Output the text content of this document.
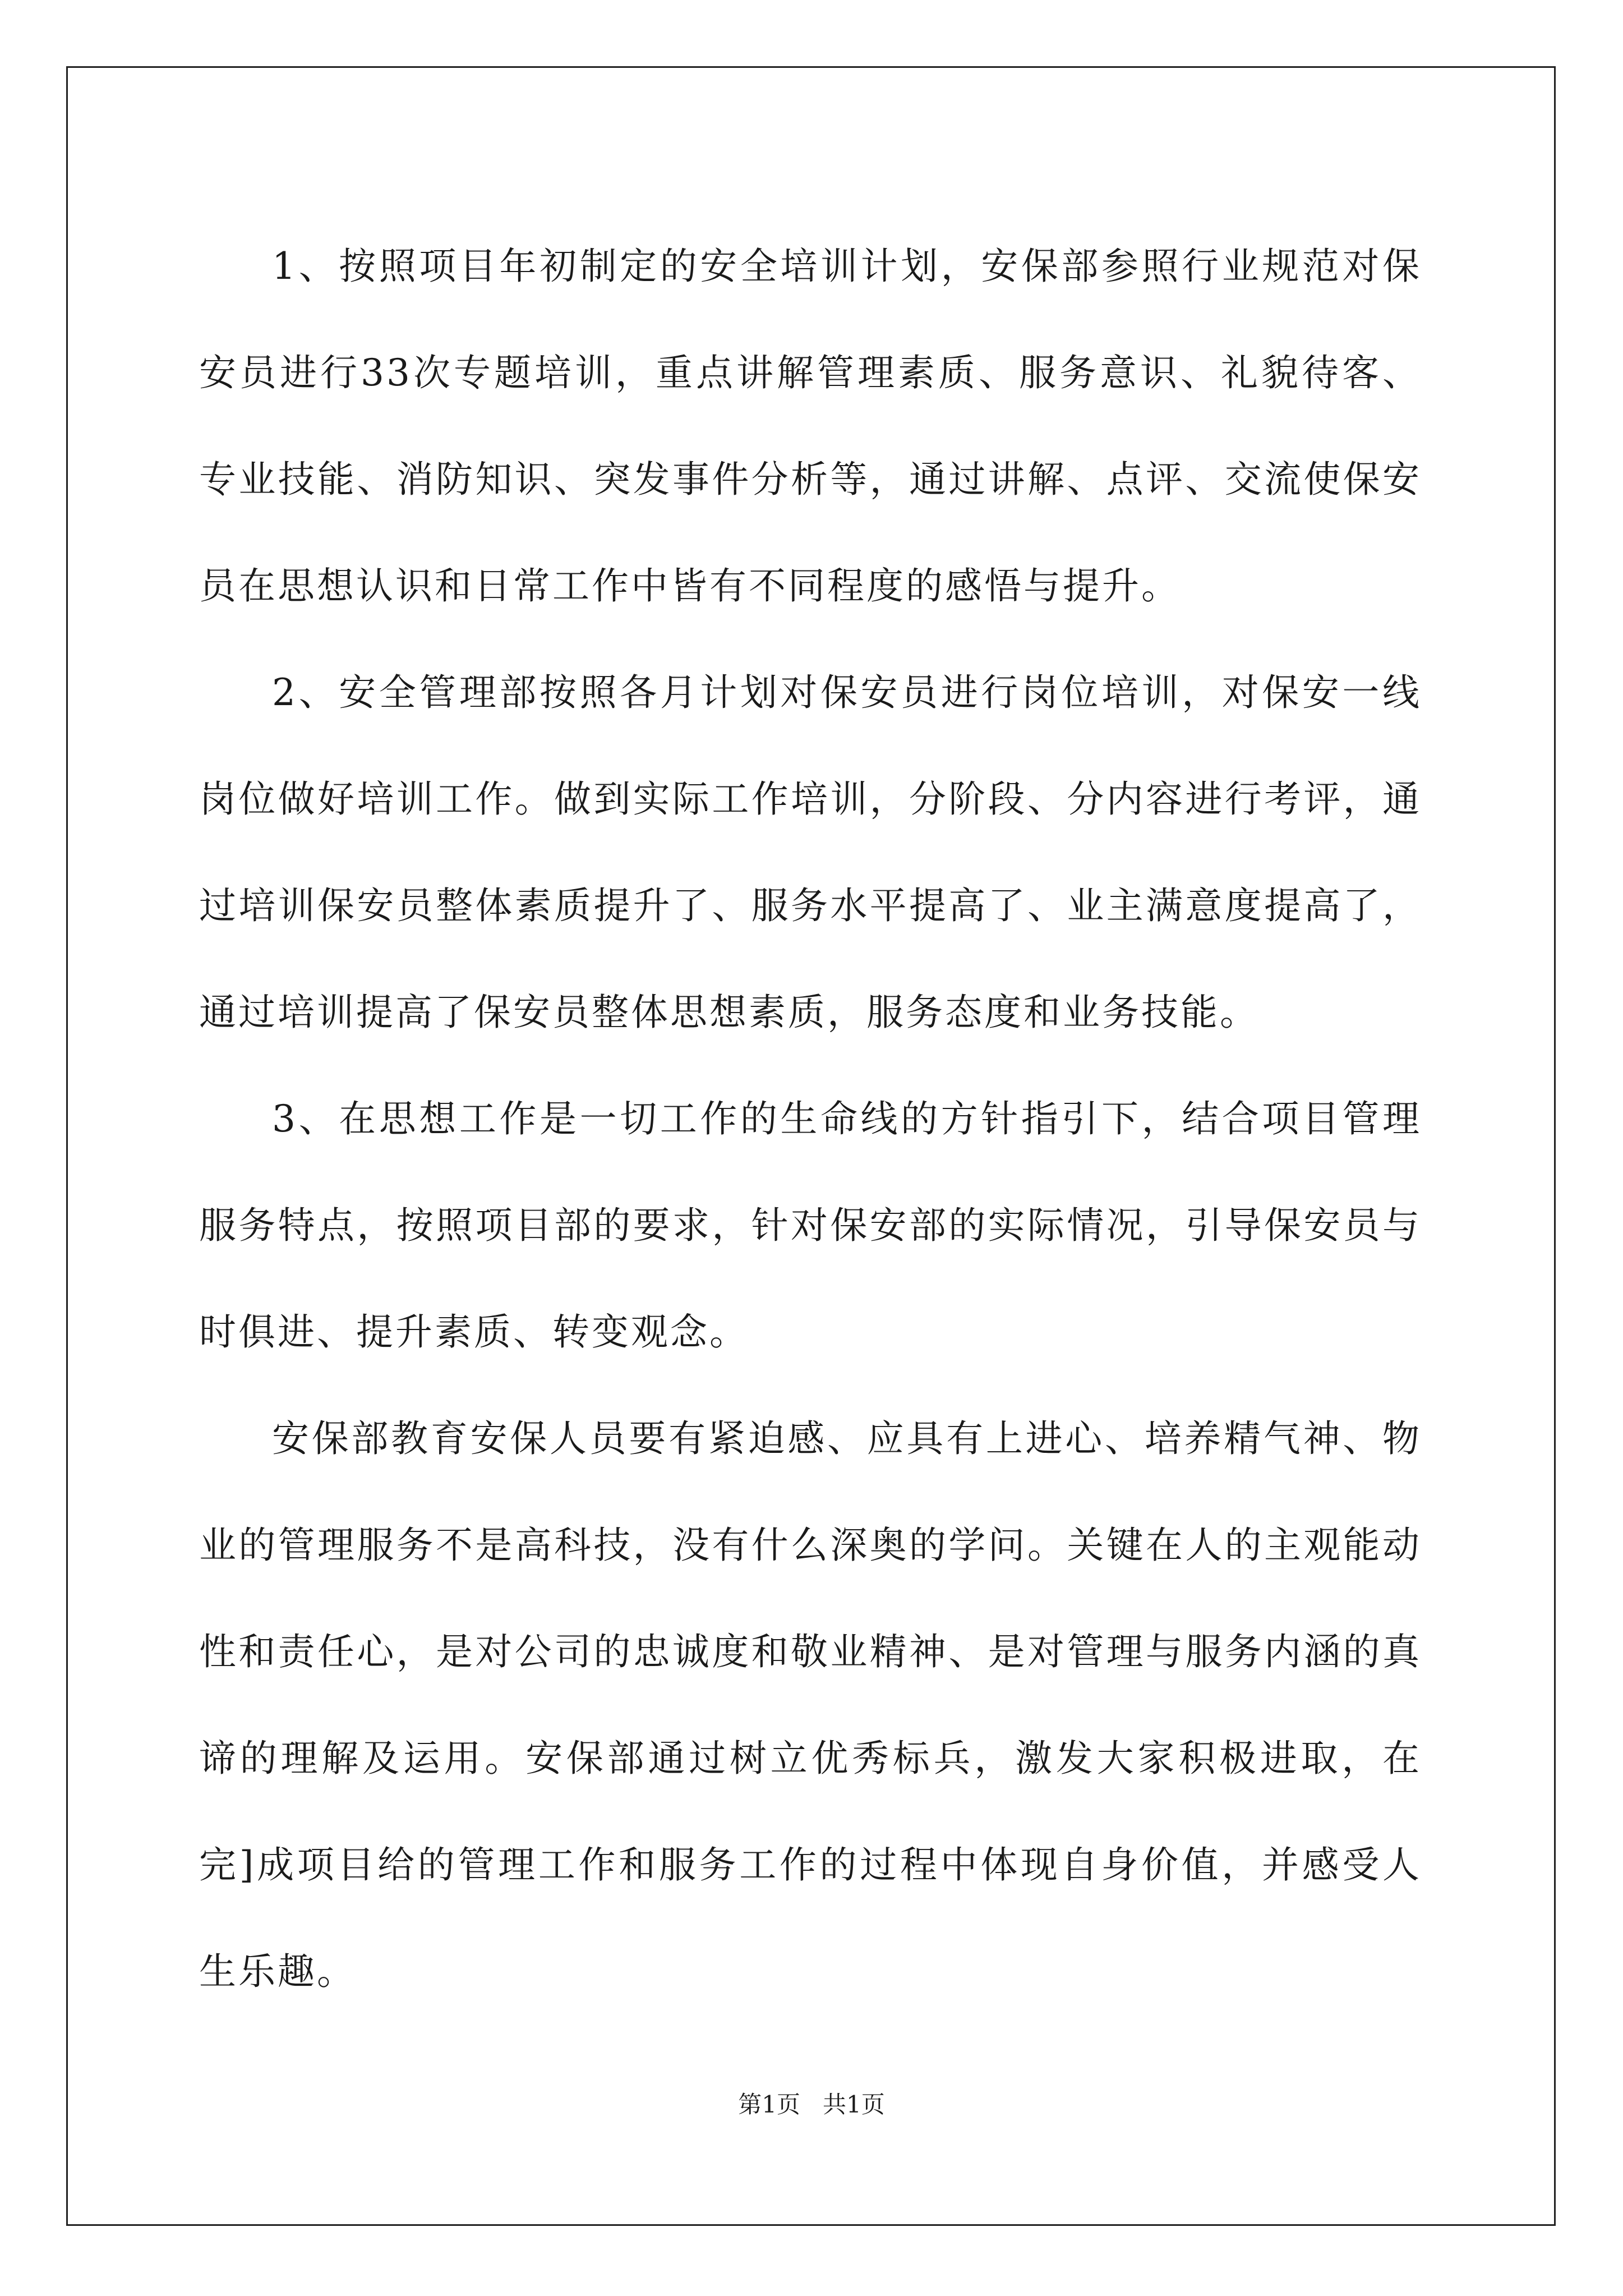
1、按照项目年初制定的安全培训计划，安保部参照行业规范对保安员进行33次专题培训，重点讲解管理素质、服务意识、礼貌待客、专业技能、消防知识、突发事件分析等，通过讲解、点评、交流使保安员在思想认识和日常工作中皆有不同程度的感悟与提升。

2、安全管理部按照各月计划对保安员进行岗位培训，对保安一线岗位做好培训工作。做到实际工作培训，分阶段、分内容进行考评，通过培训保安员整体素质提升了、服务水平提高了、业主满意度提高了，通过培训提高了保安员整体思想素质，服务态度和业务技能。

3、在思想工作是一切工作的生命线的方针指引下，结合项目管理服务特点，按照项目部的要求，针对保安部的实际情况，引导保安员与时俱进、提升素质、转变观念。

安保部教育安保人员要有紧迫感、应具有上进心、培养精气神、物业的管理服务不是高科技，没有什么深奥的学问。关键在人的主观能动性和责任心，是对公司的忠诚度和敬业精神、是对管理与服务内涵的真谛的理解及运用。安保部通过树立优秀标兵，激发大家积极进取，在完]成项目给的管理工作和服务工作的过程中体现自身价值，并感受人生乐趣。

第1页 共1页
